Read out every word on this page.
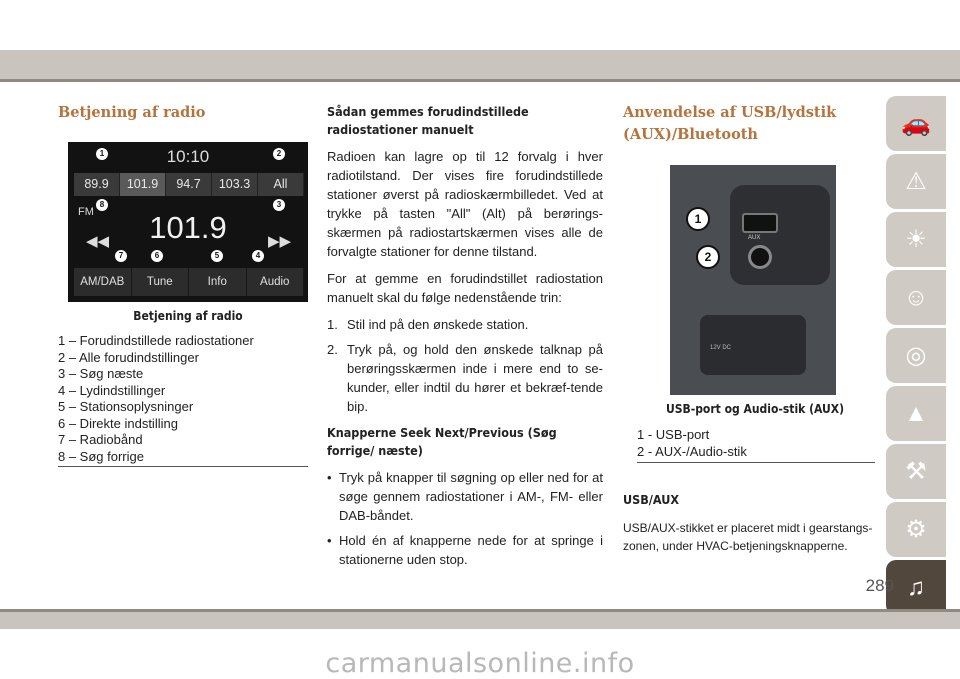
Betjening af radio
10:10
89.9	101.9	94.7	103.3	All
FM	101.9
◀◀	▶▶
AM/DAB	Tune	Info	Audio
1	2
3
4
5
6
7
8
Betjening af radio
1 – Forudindstillede radiostationer
2 – Alle forudindstillinger
3 – Søg næste
4 – Lydindstillinger
5 – Stationsoplysninger
6 – Direkte indstilling
7 – Radiobånd
8 – Søg forrige

Sådan gemmes forudindstillede radiostationer manuelt

Radioen kan lagre op til 12 forvalg i hver radiotilstand. Der vises fire forudindstillede stationer øverst på radioskærmbilledet. Ved at trykke på tasten "All" (Alt) på berørings-skærmen på radiostartskærmen vises alle de forvalgte stationer for denne tilstand.

For at gemme en forudindstillet radiostation manuelt skal du følge nedenstående trin:

1. Stil ind på den ønskede station.
2. Tryk på, og hold den ønskede talknap på berøringsskærmen inde i mere end to se-kunder, eller indtil du hører et bekræf-tende bip.

Knapperne Seek Next/Previous (Søg forrige/ næste)

• Tryk på knapper til søgning op eller ned for at søge gennem radiostationer i AM-, FM- eller DAB-båndet.
• Hold én af knapperne nede for at springe i stationerne uden stop.
Anvendelse af USB/lydstik
(AUX)/Bluetooth
AUX
12V DC
1
2
USB-port og Audio-stik (AUX)
1 - USB-port
2 - AUX-/Audio-stik

USB/AUX

USB/AUX-stikket er placeret midt i gearstangs-zonen, under HVAC-betjeningsknapperne.

🚗
⚠
☀
☺
◎
▲
⚒
⚙
♫
289
carmanualsonline.info
